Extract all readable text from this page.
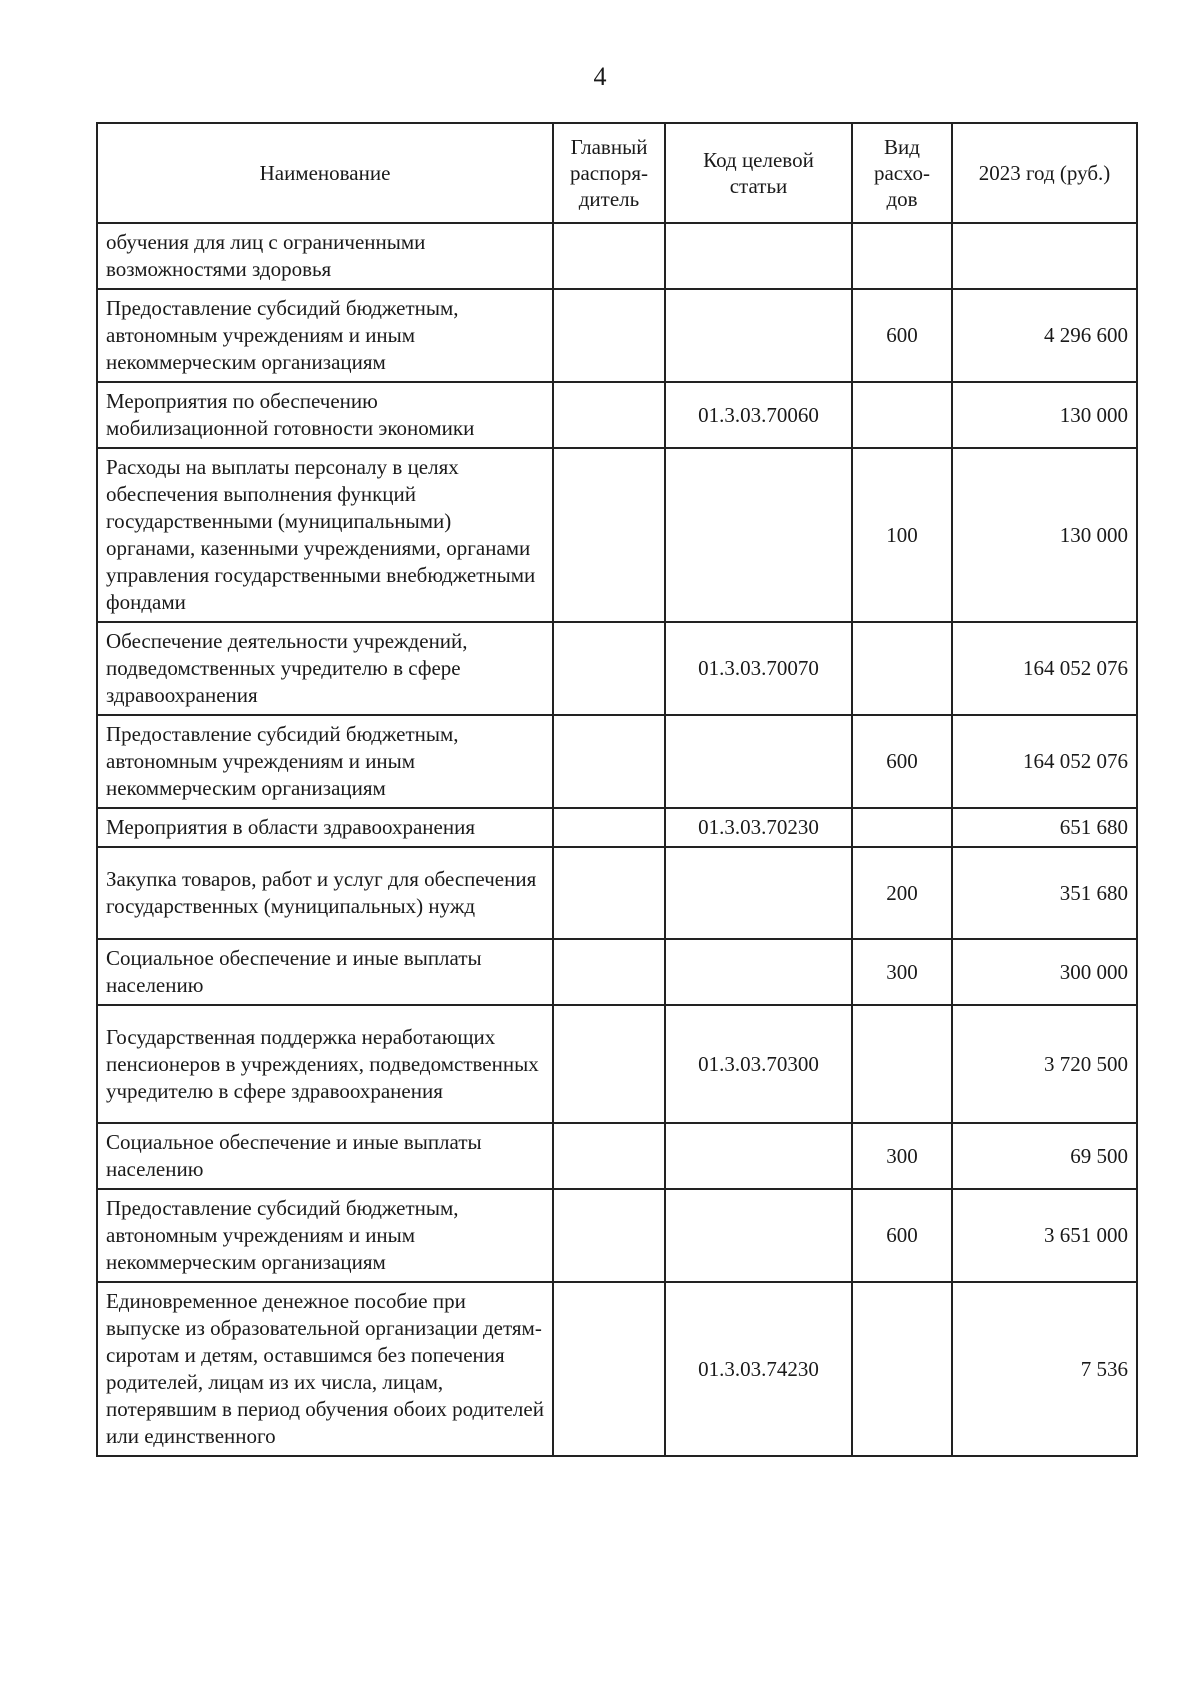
4
Наименование	Главный распоря-дитель	Код целевой статьи	Вид расхо-дов	2023 год (руб.)
обучения для лиц с ограниченными возможностями здоровья				
Предоставление субсидий бюджетным, автономным учреждениям и иным некоммерческим организациям			600	4 296 600
Мероприятия по обеспечению мобилизационной готовности экономики		01.3.03.70060		130 000
Расходы на выплаты персоналу в целях обеспечения выполнения функций государственными (муниципальными) органами, казенными учреждениями, органами управления государственными внебюджетными фондами			100	130 000
Обеспечение деятельности учреждений, подведомственных учредителю в сфере здравоохранения		01.3.03.70070		164 052 076
Предоставление субсидий бюджетным, автономным учреждениям и иным некоммерческим организациям			600	164 052 076
Мероприятия в области здравоохранения		01.3.03.70230		651 680
Закупка товаров, работ и услуг для обеспечения государственных (муниципальных) нужд			200	351 680
Социальное обеспечение и иные выплаты населению			300	300 000
Государственная поддержка неработающих пенсионеров в учреждениях, подведомственных учредителю в сфере здравоохранения		01.3.03.70300		3 720 500
Социальное обеспечение и иные выплаты населению			300	69 500
Предоставление субсидий бюджетным, автономным учреждениям и иным некоммерческим организациям			600	3 651 000
Единовременное денежное пособие при выпуске из образовательной организации детям-сиротам и детям, оставшимся без попечения родителей, лицам из их числа, лицам, потерявшим в период обучения обоих родителей или единственного		01.3.03.74230		7 536
